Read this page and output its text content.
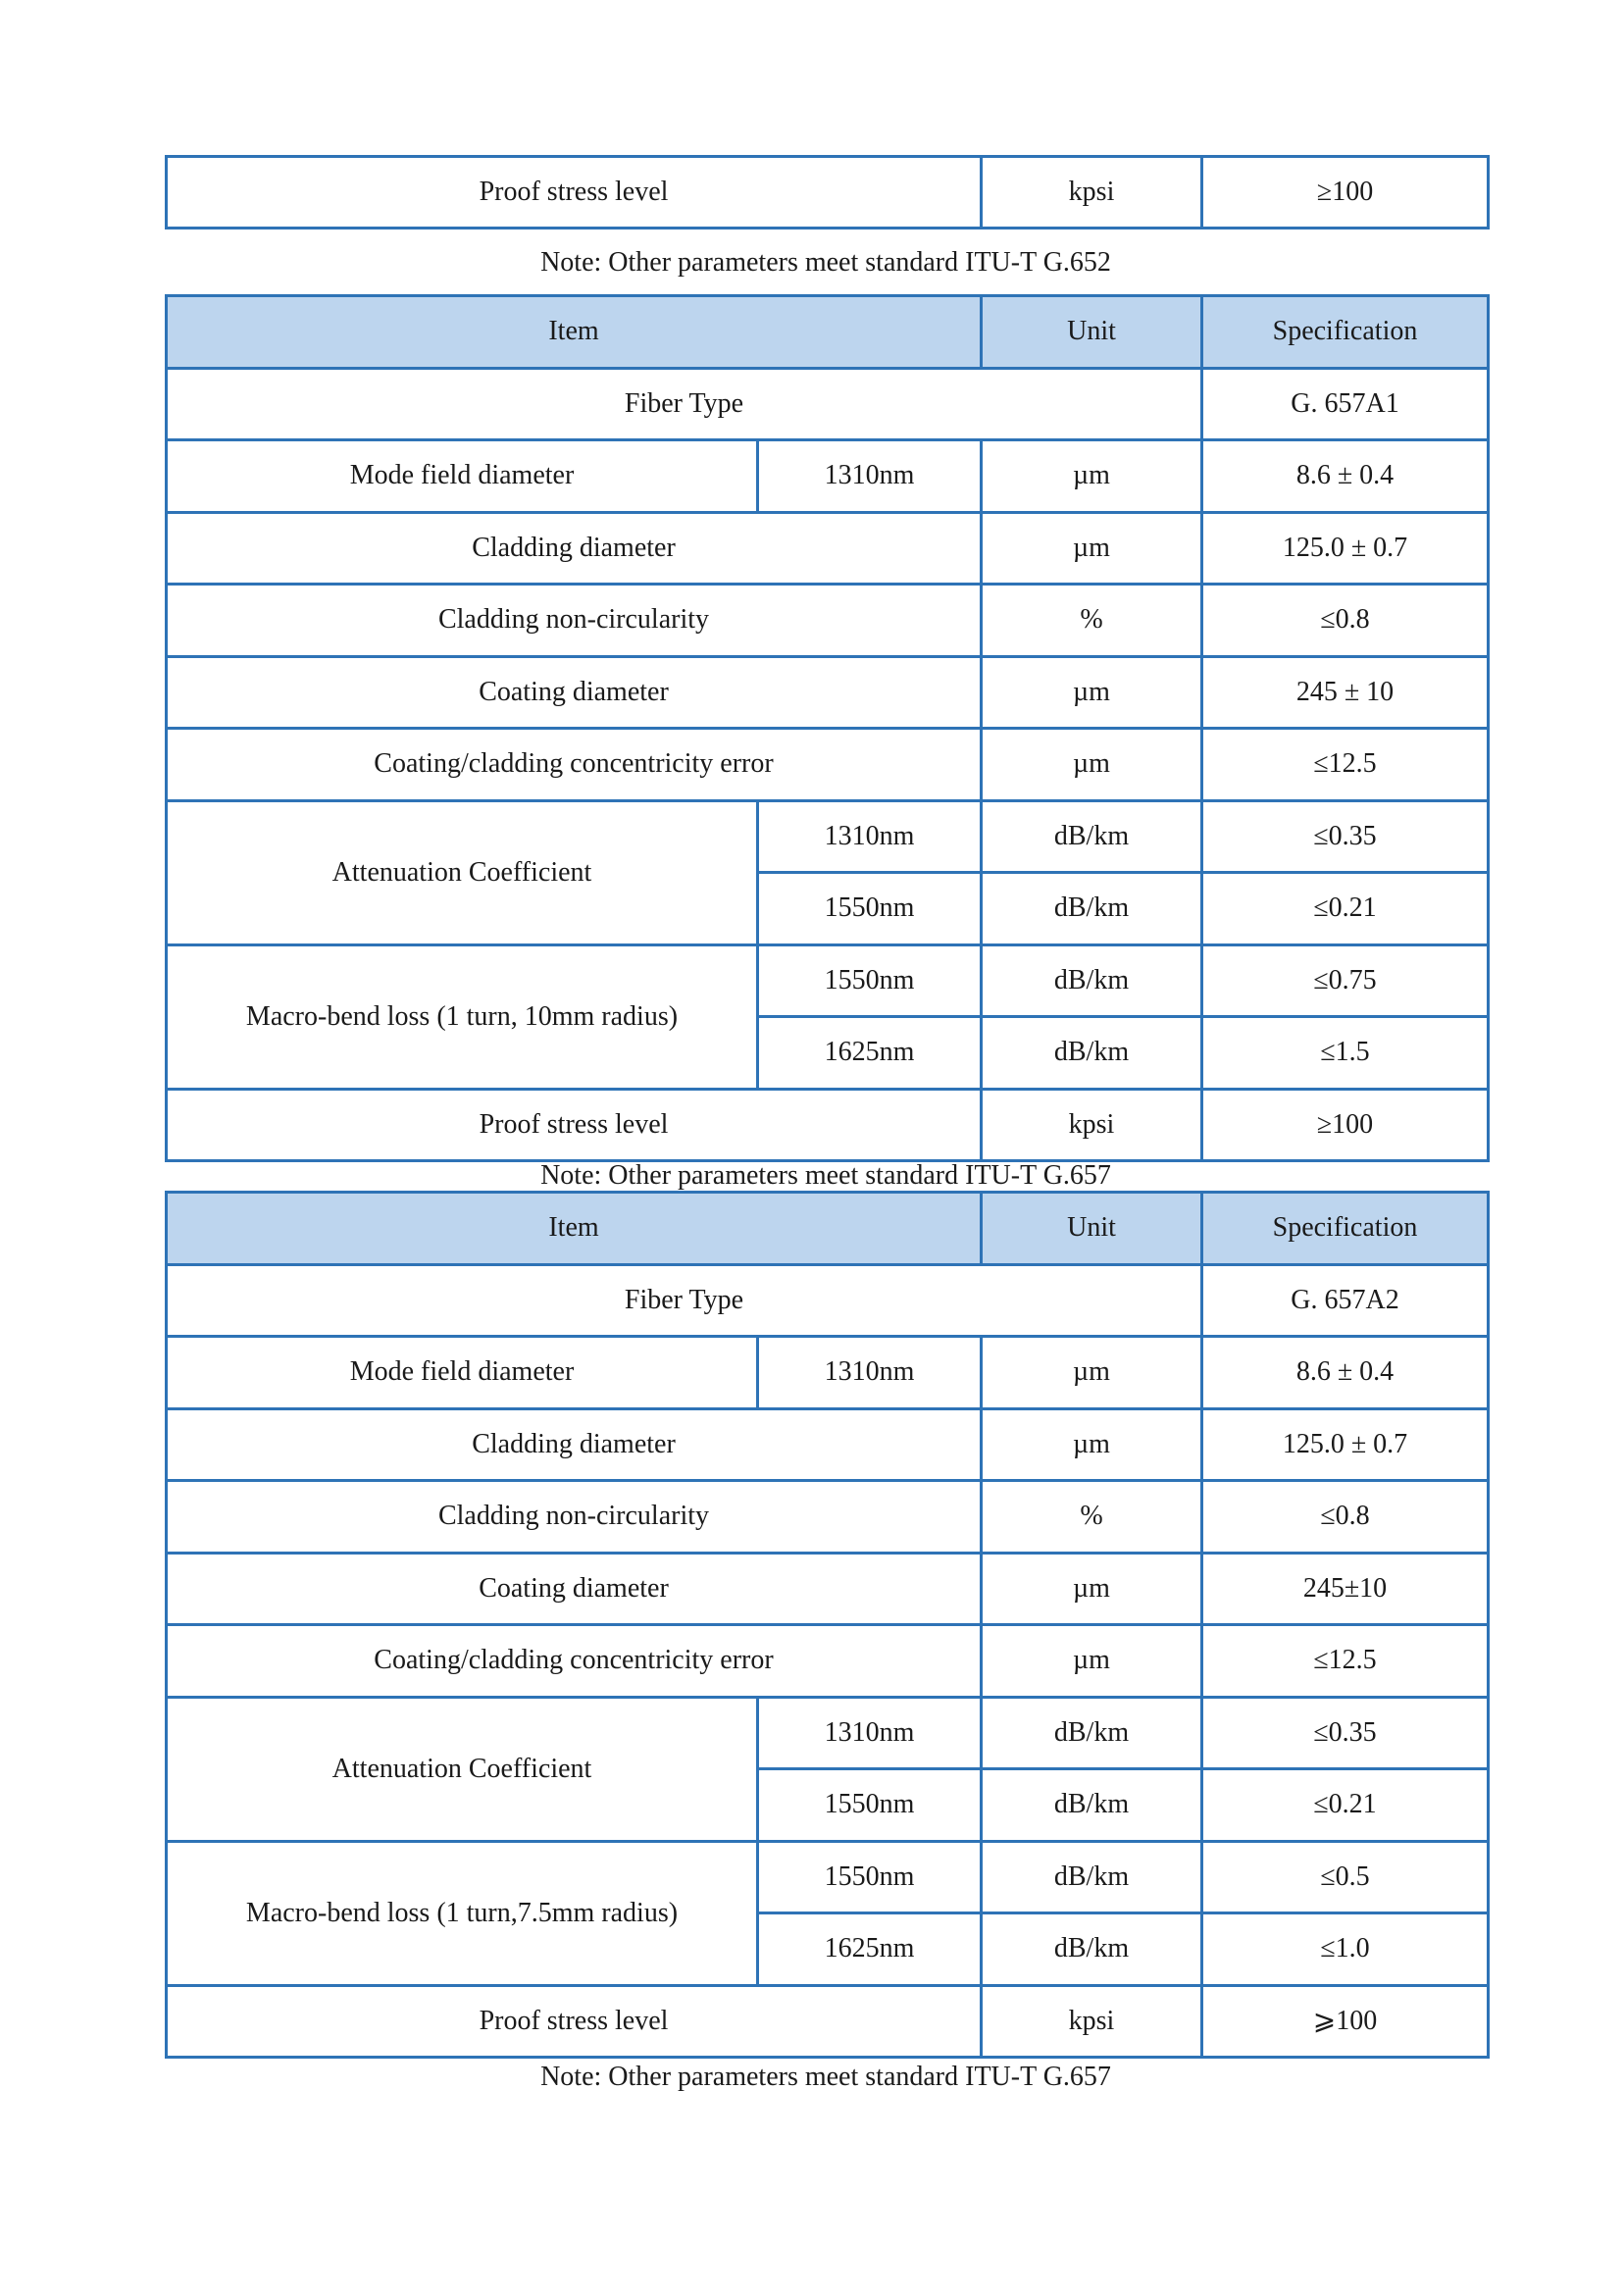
Proof stress level	kpsi	≥100
Note: Other parameters meet standard ITU-T G.652
Item		Unit	Specification
Fiber Type			G. 657A1
Mode field diameter	1310nm	µm	8.6 ± 0.4
Cladding diameter		µm	125.0 ± 0.7
Cladding non-circularity		%	≤0.8
Coating diameter		µm	245 ± 10
Coating/cladding concentricity error		µm	≤12.5
Attenuation Coefficient	1310nm	dB/km	≤0.35
	1550nm	dB/km	≤0.21
Macro-bend loss (1 turn, 10mm radius)	1550nm	dB/km	≤0.75
	1625nm	dB/km	≤1.5
Proof stress level		kpsi	≥100
Note: Other parameters meet standard ITU-T G.657
Item		Unit	Specification
Fiber Type			G. 657A2
Mode field diameter	1310nm	µm	8.6 ± 0.4
Cladding diameter		µm	125.0 ± 0.7
Cladding non-circularity		%	≤0.8
Coating diameter		µm	245±10
Coating/cladding concentricity error		µm	≤12.5
Attenuation Coefficient	1310nm	dB/km	≤0.35
	1550nm	dB/km	≤0.21
Macro-bend loss (1 turn,7.5mm radius)	1550nm	dB/km	≤0.5
	1625nm	dB/km	≤1.0
Proof stress level		kpsi	⩾100
Note: Other parameters meet standard ITU-T G.657
